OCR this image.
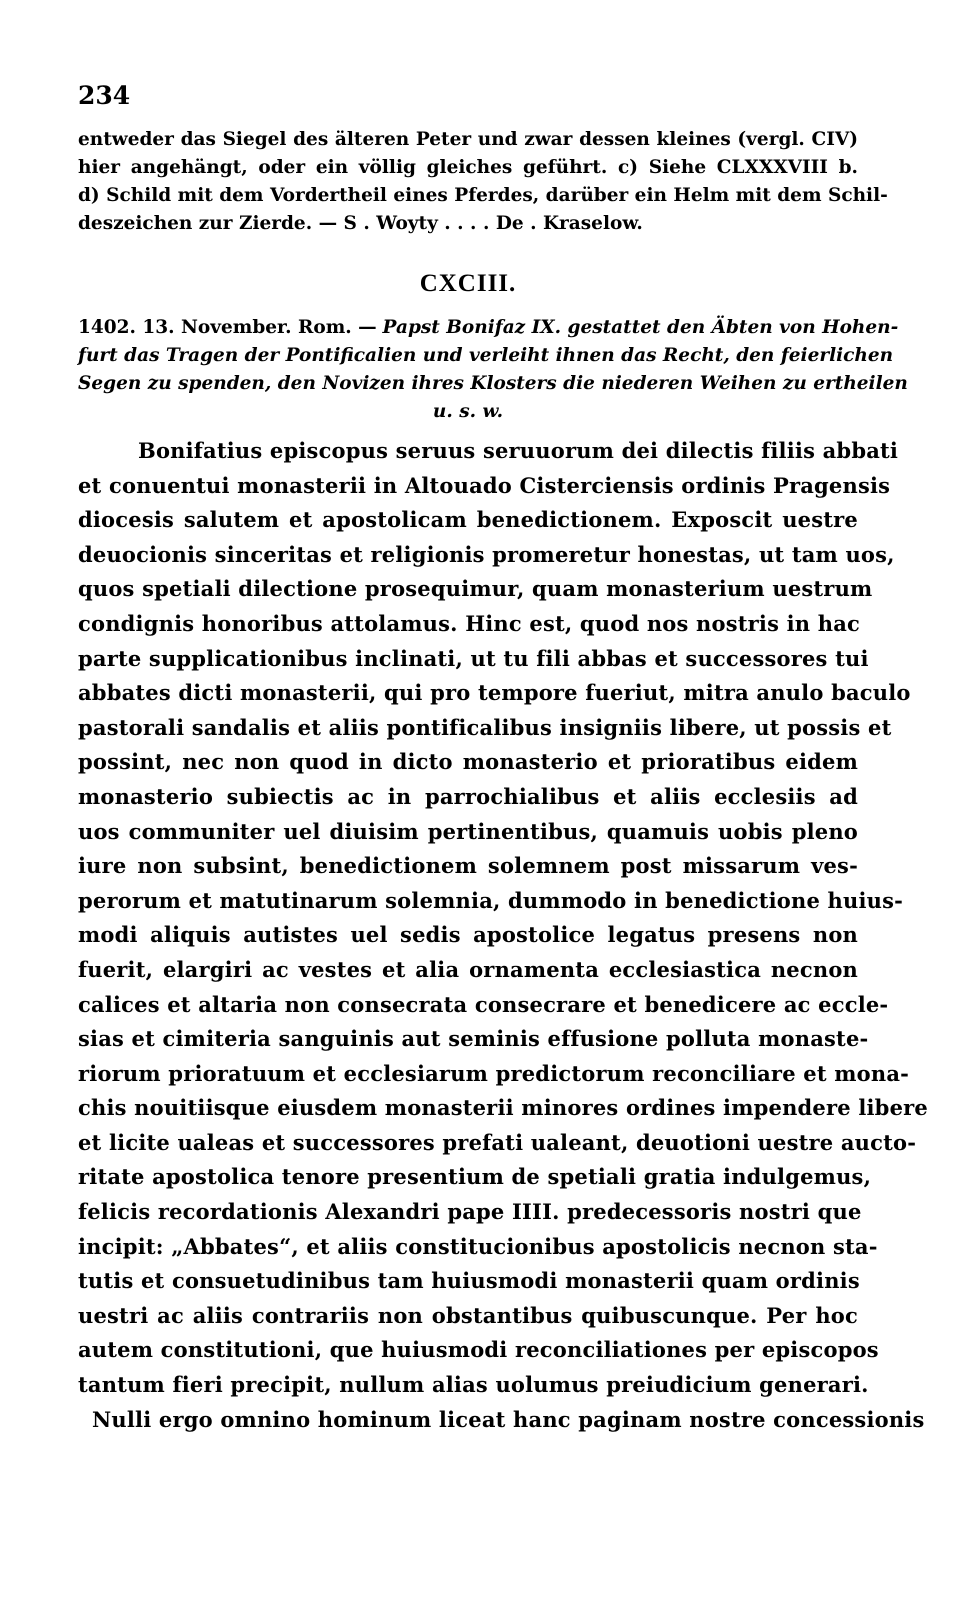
234
entweder das Siegel des älteren Peter und zwar dessen kleines (vergl. CIV)
hier angehängt, oder ein völlig gleiches geführt. c) Siehe CLXXXVIII b.
d) Schild mit dem Vordertheil eines Pferdes, darüber ein Helm mit dem Schil-
deszeichen zur Zierde. — S . Woyty . . . . De . Kraselow.
CXCIII.
1402. 13. November. Rom. — Papst Bonifaz IX. gestattet den Äbten von Hohen-
furt das Tragen der Pontificalien und verleiht ihnen das Recht, den feierlichen
Segen zu spenden, den Novizen ihres Klosters die niederen Weihen zu ertheilen
u. s. w.
Bonifatius episcopus seruus seruuorum dei dilectis filiis abbati
et conuentui monasterii in Altouado Cisterciensis ordinis Pragensis
diocesis salutem et apostolicam benedictionem. Exposcit uestre
deuocionis sinceritas et religionis promeretur honestas, ut tam uos,
quos spetiali dilectione prosequimur, quam monasterium uestrum
condignis honoribus attolamus. Hinc est, quod nos nostris in hac
parte supplicationibus inclinati, ut tu fili abbas et successores tui
abbates dicti monasterii, qui pro tempore fueriut, mitra anulo baculo
pastorali sandalis et aliis pontificalibus insigniis libere, ut possis et
possint, nec non quod in dicto monasterio et prioratibus eidem
monasterio subiectis ac in parrochialibus et aliis ecclesiis ad
uos communiter uel diuisim pertinentibus, quamuis uobis pleno
iure non subsint, benedictionem solemnem post missarum ves-
perorum et matutinarum solemnia, dummodo in benedictione huius-
modi aliquis autistes uel sedis apostolice legatus presens non
fuerit, elargiri ac vestes et alia ornamenta ecclesiastica necnon
calices et altaria non consecrata consecrare et benedicere ac eccle-
sias et cimiteria sanguinis aut seminis effusione polluta monaste-
riorum prioratuum et ecclesiarum predictorum reconciliare et mona-
chis nouitiisque eiusdem monasterii minores ordines impendere libere
et licite ualeas et successores prefati ualeant, deuotioni uestre aucto-
ritate apostolica tenore presentium de spetiali gratia indulgemus,
felicis recordationis Alexandri pape IIII. predecessoris nostri que
incipit: „Abbates“, et aliis constitucionibus apostolicis necnon sta-
tutis et consuetudinibus tam huiusmodi monasterii quam ordinis
uestri ac aliis contrariis non obstantibus quibuscunque. Per hoc
autem constitutioni, que huiusmodi reconciliationes per episcopos
tantum fieri precipit, nullum alias uolumus preiudicium generari.
Nulli ergo omnino hominum liceat hanc paginam nostre concessionis
